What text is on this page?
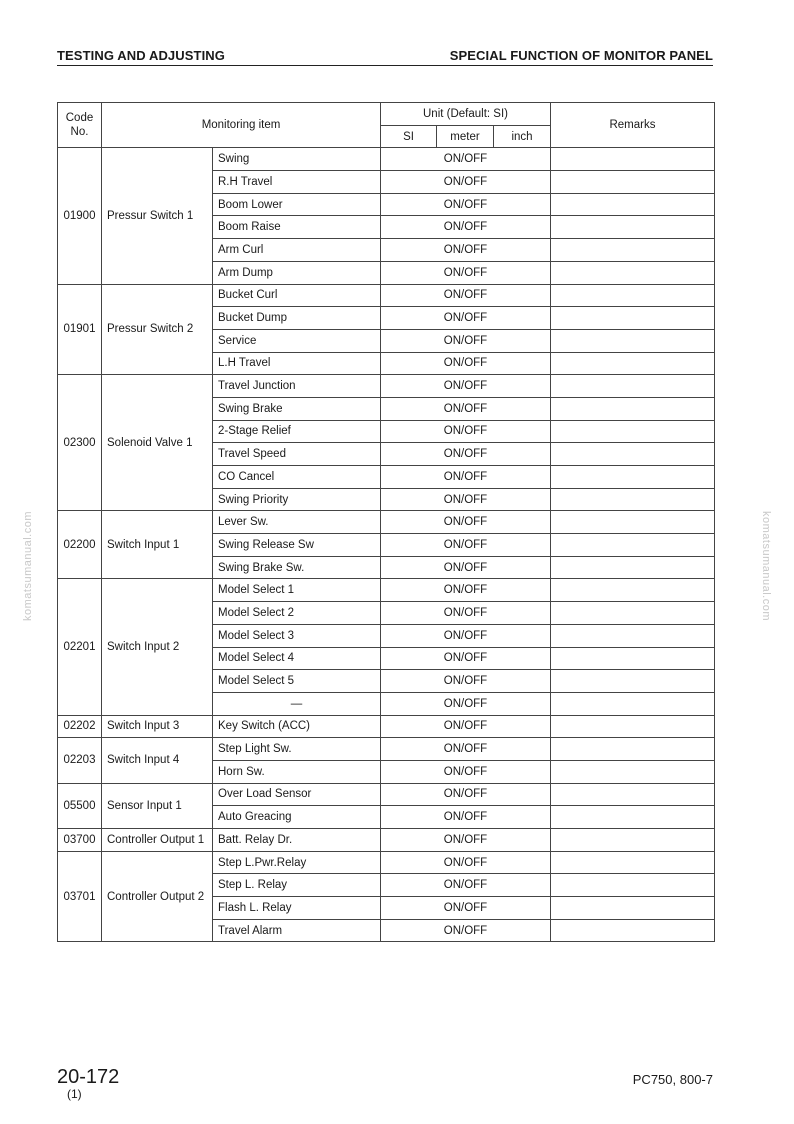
TESTING AND ADJUSTING	SPECIAL FUNCTION OF MONITOR PANEL
Code No.	Monitoring item		Unit (Default: SI)			Remarks
			SI	meter	inch	
01900	Pressur Switch 1	Swing	ON/OFF			
		R.H Travel	ON/OFF			
		Boom Lower	ON/OFF			
		Boom Raise	ON/OFF			
		Arm Curl	ON/OFF			
		Arm Dump	ON/OFF			
01901	Pressur Switch 2	Bucket Curl	ON/OFF			
		Bucket Dump	ON/OFF			
		Service	ON/OFF			
		L.H Travel	ON/OFF			
02300	Solenoid Valve 1	Travel Junction	ON/OFF			
		Swing Brake	ON/OFF			
		2-Stage Relief	ON/OFF			
		Travel Speed	ON/OFF			
		CO Cancel	ON/OFF			
		Swing Priority	ON/OFF			
02200	Switch Input 1	Lever Sw.	ON/OFF			
		Swing Release Sw	ON/OFF			
		Swing Brake Sw.	ON/OFF			
02201	Switch Input 2	Model Select 1	ON/OFF			
		Model Select 2	ON/OFF			
		Model Select 3	ON/OFF			
		Model Select 4	ON/OFF			
		Model Select 5	ON/OFF			
		—	ON/OFF			
02202	Switch Input 3	Key Switch (ACC)	ON/OFF			
02203	Switch Input 4	Step Light Sw.	ON/OFF			
		Horn Sw.	ON/OFF			
05500	Sensor Input 1	Over Load Sensor	ON/OFF			
		Auto Greacing	ON/OFF			
03700	Controller Output 1	Batt. Relay Dr.	ON/OFF			
03701	Controller Output 2	Step L.Pwr.Relay	ON/OFF			
		Step L. Relay	ON/OFF			
		Flash L. Relay	ON/OFF			
		Travel Alarm	ON/OFF			
komatsumanual.com	komatsumanual.com
20-172
(1)
PC750, 800-7
